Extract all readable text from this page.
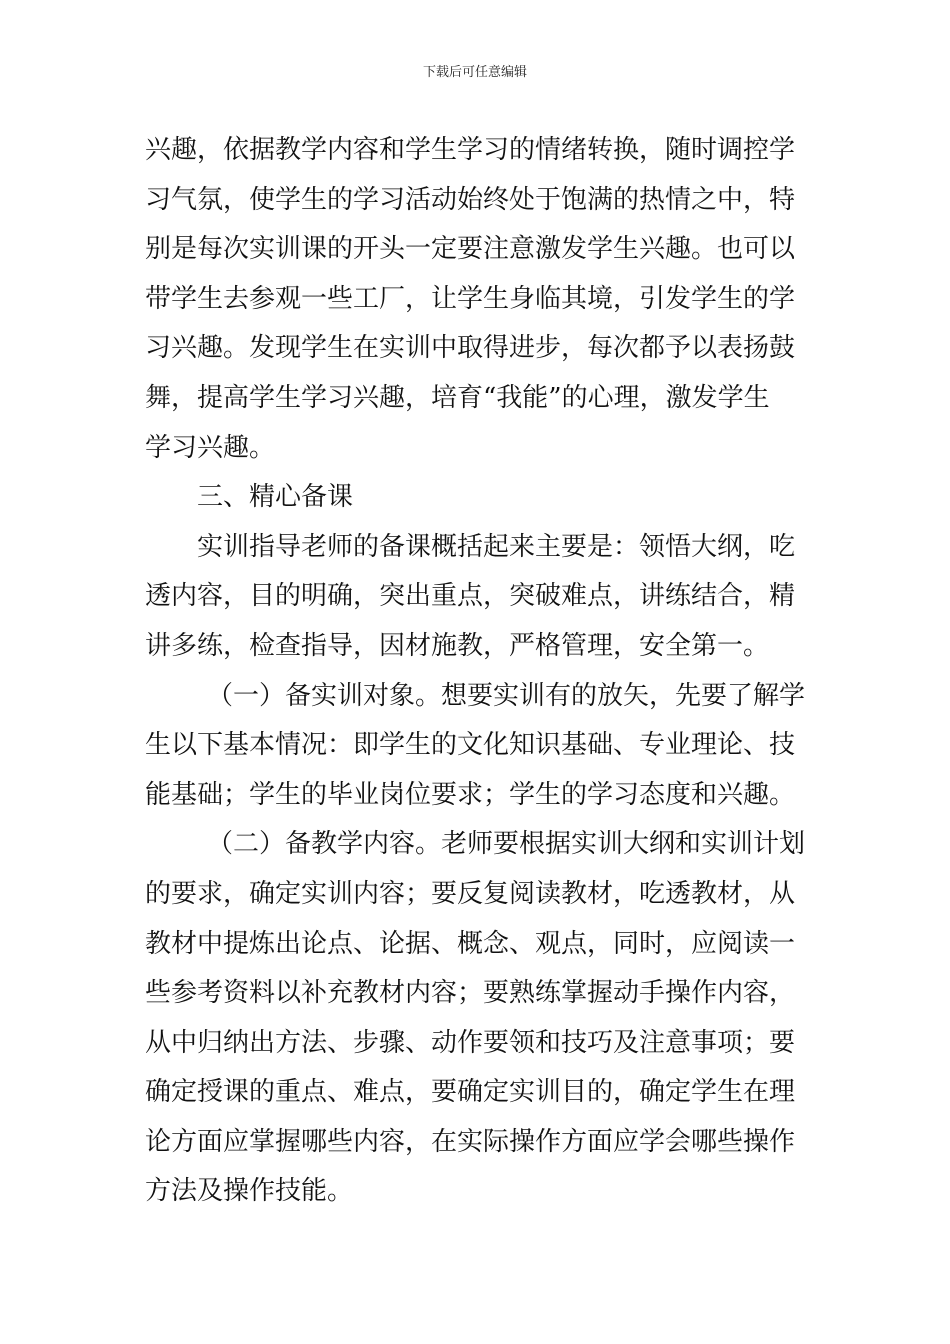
下载后可任意编辑
兴趣，依据教学内容和学生学习的情绪转换，随时调控学
习气氛，使学生的学习活动始终处于饱满的热情之中，特
别是每次实训课的开头一定要注意激发学生兴趣。也可以
带学生去参观一些工厂，让学生身临其境，引发学生的学
习兴趣。发现学生在实训中取得进步，每次都予以表扬鼓
舞，提高学生学习兴趣，培育“我能”的心理，激发学生
学习兴趣。
三、精心备课
实训指导老师的备课概括起来主要是：领悟大纲，吃
透内容，目的明确，突出重点，突破难点，讲练结合，精
讲多练，检查指导，因材施教，严格管理，安全第一。
（一）备实训对象。想要实训有的放矢，先要了解学
生以下基本情况：即学生的文化知识基础、专业理论、技
能基础；学生的毕业岗位要求；学生的学习态度和兴趣。
（二）备教学内容。老师要根据实训大纲和实训计划
的要求，确定实训内容；要反复阅读教材，吃透教材，从
教材中提炼出论点、论据、概念、观点，同时，应阅读一
些参考资料以补充教材内容；要熟练掌握动手操作内容，
从中归纳出方法、步骤、动作要领和技巧及注意事项；要
确定授课的重点、难点，要确定实训目的，确定学生在理
论方面应掌握哪些内容，在实际操作方面应学会哪些操作
方法及操作技能。
